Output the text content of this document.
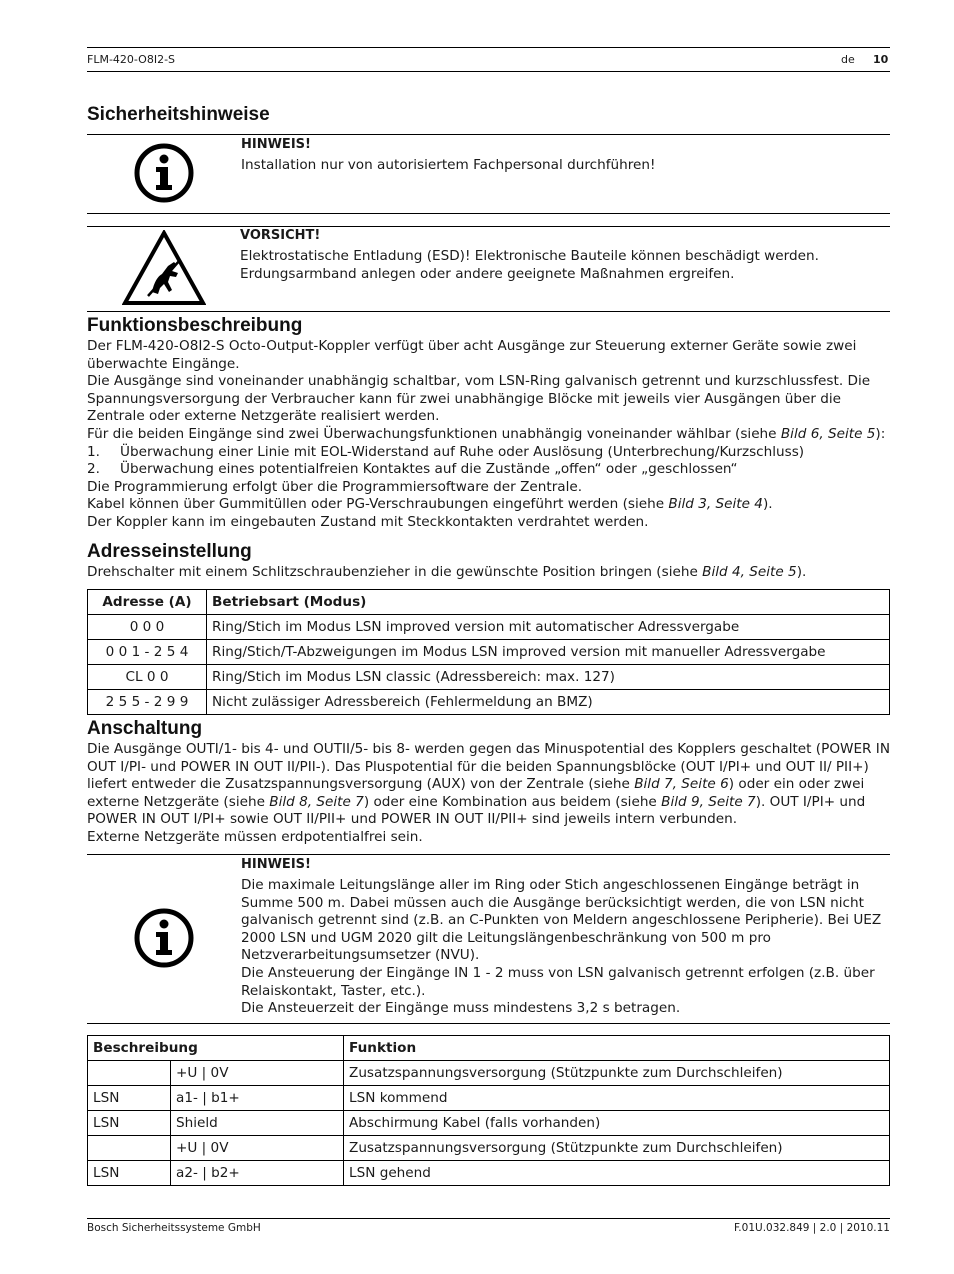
FLM-420-O8I2-S	de 10
Sicherheitshinweise
HINWEIS!
Installation nur von autorisiertem Fachpersonal durchführen!
VORSICHT!

Elektrostatische Entladung (ESD)! Elektronische Bauteile können beschädigt werden.

Erdungsarmband anlegen oder andere geeignete Maßnahmen ergreifen.

Funktionsbeschreibung

Der FLM-420-O8I2-S Octo-Output-Koppler verfügt über acht Ausgänge zur Steuerung externer Geräte sowie zwei überwachte Eingänge.

Die Ausgänge sind voneinander unabhängig schaltbar, vom LSN-Ring galvanisch getrennt und kurzschlussfest. Die Spannungsversorgung der Verbraucher kann für zwei unabhängige Blöcke mit jeweils vier Ausgängen über die Zentrale oder externe Netzgeräte realisiert werden.

Für die beiden Eingänge sind zwei Überwachungsfunktionen unabhängig voneinander wählbar (siehe Bild 6, Seite 5):

1.	Überwachung einer Linie mit EOL-Widerstand auf Ruhe oder Auslösung (Unterbrechung/Kurzschluss)
2.	Überwachung eines potentialfreien Kontaktes auf die Zustände „offen“ oder „geschlossen“

Die Programmierung erfolgt über die Programmiersoftware der Zentrale.

Kabel können über Gummitüllen oder PG-Verschraubungen eingeführt werden (siehe Bild 3, Seite 4).

Der Koppler kann im eingebauten Zustand mit Steckkontakten verdrahtet werden.

Adresseinstellung

Drehschalter mit einem Schlitzschraubenzieher in die gewünschte Position bringen (siehe Bild 4, Seite 5).

Adresse (A)	Betriebsart (Modus)
0 0 0	Ring/Stich im Modus LSN improved version mit automatischer Adressvergabe
0 0 1 - 2 5 4	Ring/Stich/T-Abzweigungen im Modus LSN improved version mit manueller Adressvergabe
CL 0 0	Ring/Stich im Modus LSN classic (Adressbereich: max. 127)
2 5 5 - 2 9 9	Nicht zulässiger Adressbereich (Fehlermeldung an BMZ)
Anschaltung

Die Ausgänge OUTI/1- bis 4- und OUTII/5- bis 8- werden gegen das Minuspotential des Kopplers geschaltet (POWER IN OUT I/PI- und POWER IN OUT II/PII-). Das Pluspotential für die beiden Spannungsblöcke (OUT I/PI+ und OUT II/ PII+) liefert entweder die Zusatzspannungsversorgung (AUX) von der Zentrale (siehe Bild 7, Seite 6) oder ein oder zwei externe Netzgeräte (siehe Bild 8, Seite 7) oder eine Kombination aus beidem (siehe Bild 9, Seite 7). OUT I/PI+ und POWER IN OUT I/PI+ sowie OUT II/PII+ und POWER IN OUT II/PII+ sind jeweils intern verbunden.

Externe Netzgeräte müssen erdpotentialfrei sein.

HINWEIS!

Die maximale Leitungslänge aller im Ring oder Stich angeschlossenen Eingänge beträgt in Summe 500 m. Dabei müssen auch die Ausgänge berücksichtigt werden, die von LSN nicht galvanisch getrennt sind (z.B. an C-Punkten von Meldern angeschlossene Peripherie). Bei UEZ 2000 LSN und UGM 2020 gilt die Leitungslängenbeschränkung von 500 m pro Netzverarbeitungsumsetzer (NVU).

Die Ansteuerung der Eingänge IN 1 - 2 muss von LSN galvanisch getrennt erfolgen (z.B. über Relaiskontakt, Taster, etc.).

Die Ansteuerzeit der Eingänge muss mindestens 3,2 s betragen.

Beschreibung		Funktion
	+U | 0V	Zusatzspannungsversorgung (Stützpunkte zum Durchschleifen)
LSN	a1- | b1+	LSN kommend
LSN	Shield	Abschirmung Kabel (falls vorhanden)
	+U | 0V	Zusatzspannungsversorgung (Stützpunkte zum Durchschleifen)
LSN	a2- | b2+	LSN gehend
Bosch Sicherheitssysteme GmbH	F.01U.032.849 | 2.0 | 2010.11
